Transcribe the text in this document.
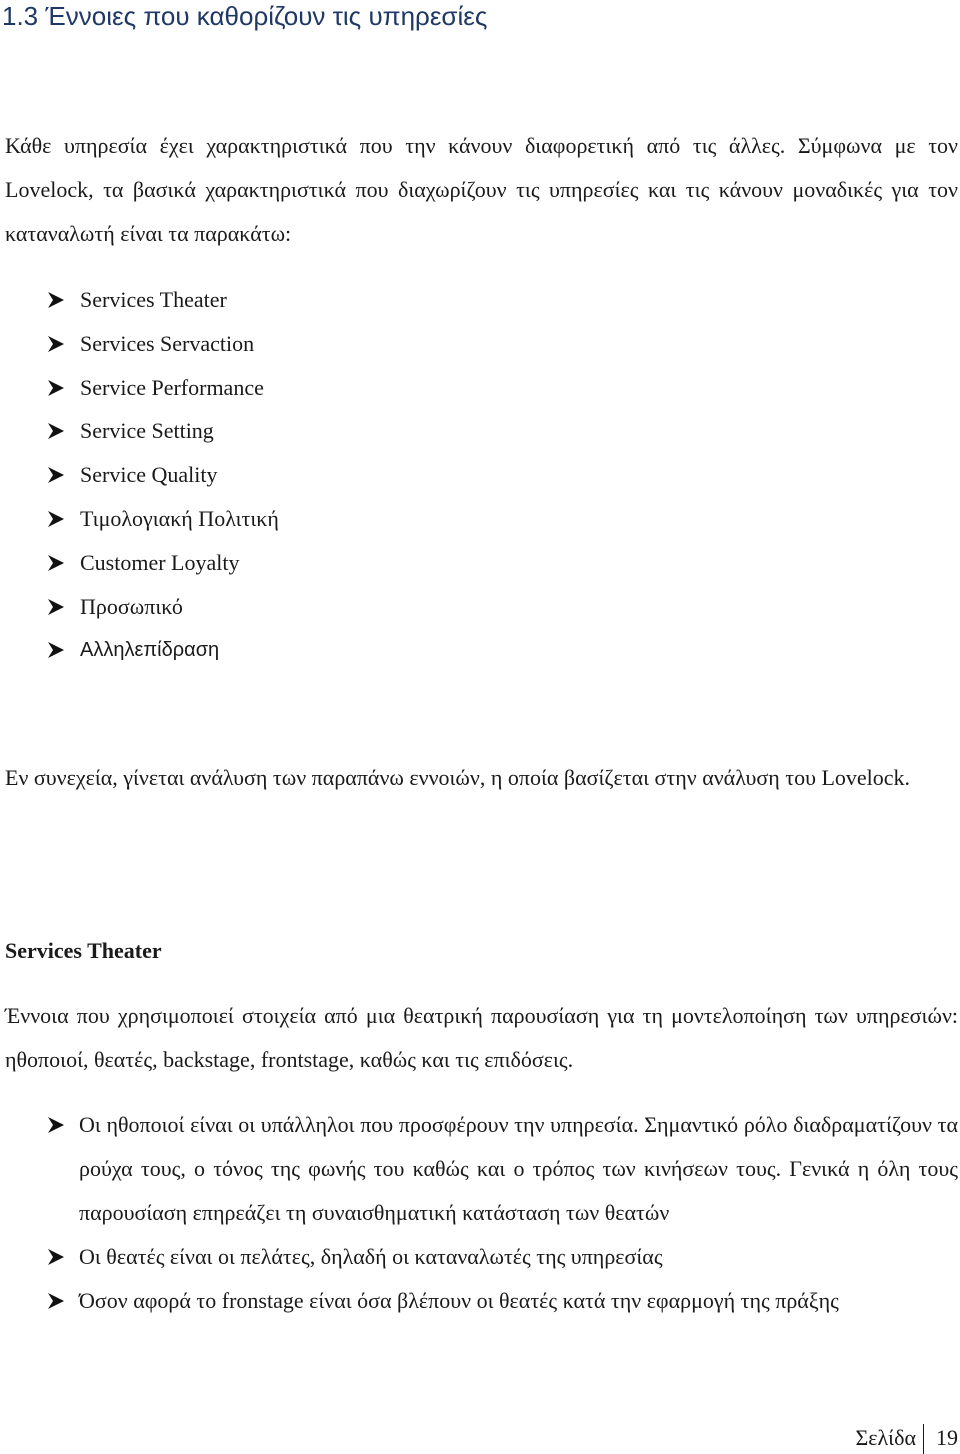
1.3 Έννοιες που καθορίζουν τις υπηρεσίες

Κάθε υπηρεσία έχει χαρακτηριστικά που την κάνουν διαφορετική από τις άλλες. Σύμφωνα με τον Lovelock, τα βασικά χαρακτηριστικά που διαχωρίζουν τις υπηρεσίες και τις κάνουν μοναδικές για τον καταναλωτή είναι τα παρακάτω:

Services Theater
Services Servaction
Service Performance
Service Setting
Service Quality
Τιμολογιακή Πολιτική
Customer Loyalty
Προσωπικό
Αλληλεπίδραση

Εν συνεχεία, γίνεται ανάλυση των παραπάνω εννοιών, η οποία βασίζεται στην ανάλυση του Lovelock.

Services Theater

Έννοια που χρησιμοποιεί στοιχεία από μια θεατρική παρουσίαση για τη μοντελοποίηση των υπηρεσιών: ηθοποιοί, θεατές, backstage, frontstage, καθώς και τις επιδόσεις.

Οι ηθοποιοί είναι οι υπάλληλοι που προσφέρουν την υπηρεσία. Σημαντικό ρόλο διαδραματίζουν τα ρούχα τους, ο τόνος της φωνής του καθώς και ο τρόπος των κινήσεων τους. Γενικά η όλη τους παρουσίαση επηρεάζει τη συναισθηματική κατάσταση των θεατών
Οι θεατές είναι οι πελάτες, δηλαδή οι καταναλωτές της υπηρεσίας
Όσον αφορά το fronstage είναι όσα βλέπουν οι θεατές κατά την εφαρμογή της πράξης
Σελίδα 19
